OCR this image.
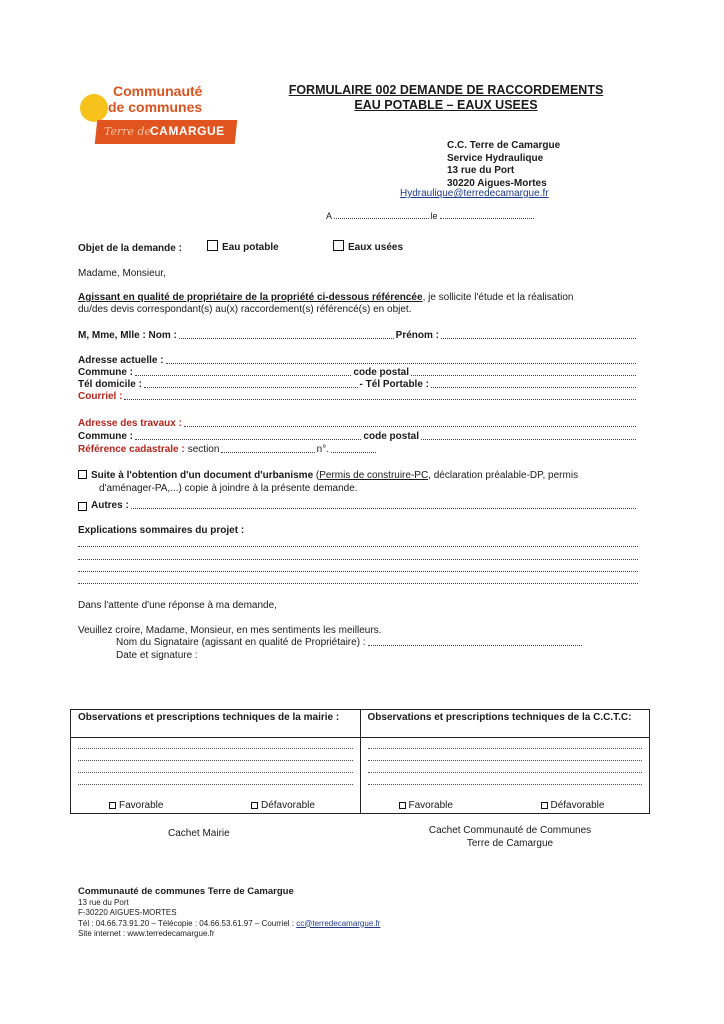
Communauté
de communes
Terre de
CAMARGUE
FORMULAIRE 002 DEMANDE DE RACCORDEMENTS
EAU POTABLE – EAUX USEES
C.C. Terre de Camargue
Service Hydraulique
13 rue du Port
30220 Aigues-Mortes
Hydraulique@terredecamargue.fr
A	le
Objet de la demande :	Eau potable	Eaux usées
Madame, Monsieur,
Agissant en qualité de propriétaire de la propriété ci-dessous référencée, je sollicite l'étude et la réalisation
du/des devis correspondant(s) au(x) raccordement(s) référencé(s) en objet.
M, Mme, Mlle : Nom :	Prénom :
Adresse actuelle :
Commune :	code postal
Tél domicile :	- Tél Portable :
Courriel :
Adresse des travaux :
Commune :	code postal
Référence cadastrale : section	n°.
Suite à l'obtention d'un document d'urbanisme (Permis de construire-PC, déclaration préalable-DP, permis
d'aménager-PA,...) copie à joindre à la présente demande.
Autres :
Explications sommaires du projet :
Dans l'attente d'une réponse à ma demande,
Veuillez croire, Madame, Monsieur, en mes sentiments les meilleurs.
Nom du Signataire (agissant en qualité de Propriétaire) :
Date et signature :
Observations et prescriptions techniques de la mairie :
Favorable	Défavorable
Observations et prescriptions techniques de la C.C.T.C:
Favorable	Défavorable
Cachet Mairie	Cachet Communauté de Communes
Terre de Camargue
Communauté de communes Terre de Camargue
13 rue du Port
F-30220 AIGUES-MORTES
Tél : 04.66.73.91.20 – Télécopie : 04.66.53.61.97 – Courriel : cc@terredecamargue.fr
Site internet : www.terredecamargue.fr
